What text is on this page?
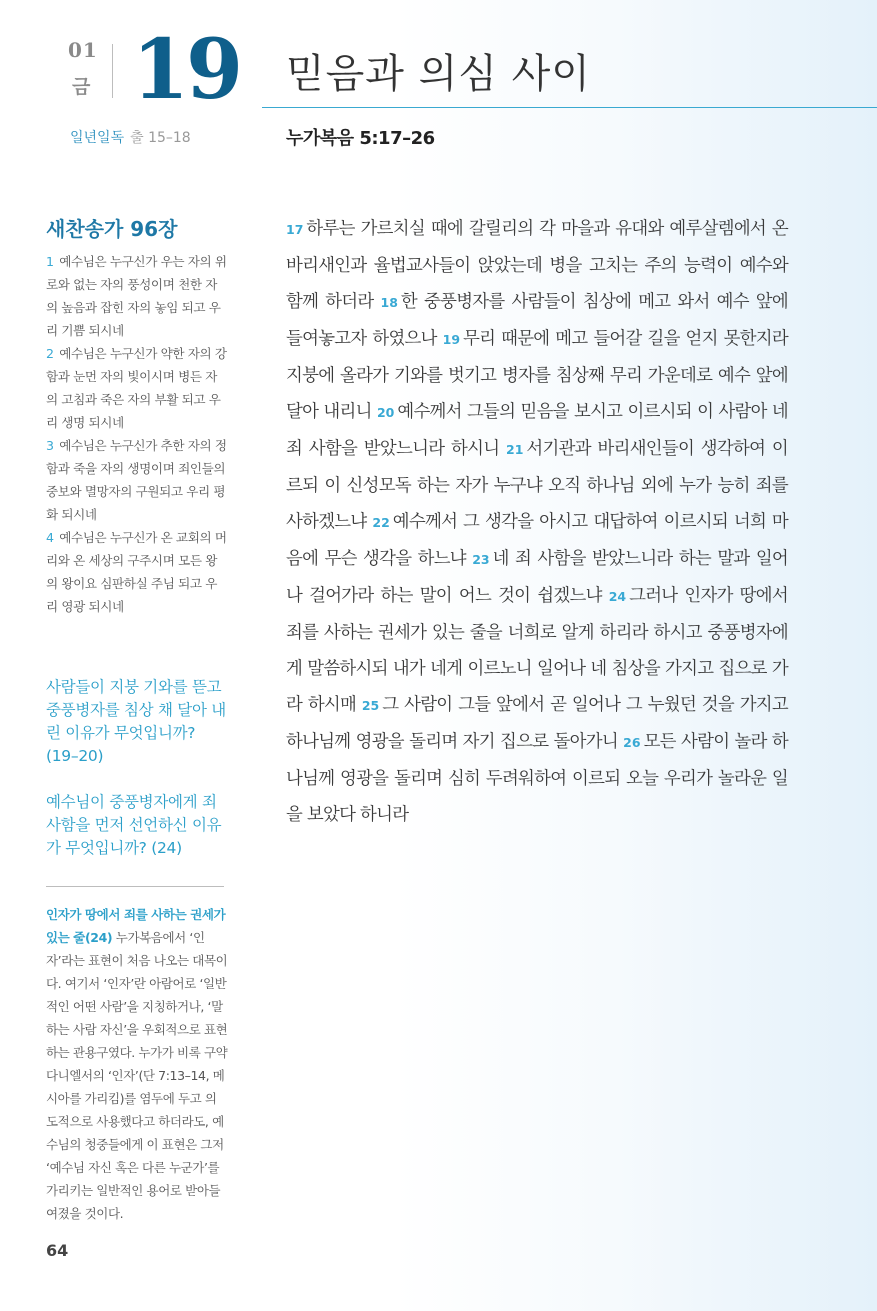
01
금 19 믿음과 의심 사이
일년일독 출 15–18	누가복음 5:17–26
새찬송가 96장
1 예수님은 누구신가 우는 자의 위로와 없는 자의 풍성이며 천한 자의 높음과 잡힌 자의 놓임 되고 우리 기쁨 되시네
2 예수님은 누구신가 약한 자의 강함과 눈먼 자의 빛이시며 병든 자의 고침과 죽은 자의 부활 되고 우리 생명 되시네
3 예수님은 누구신가 추한 자의 정함과 죽을 자의 생명이며 죄인들의 중보와 멸망자의 구원되고 우리 평화 되시네
4 예수님은 누구신가 온 교회의 머리와 온 세상의 구주시며 모든 왕의 왕이요 심판하실 주님 되고 우리 영광 되시네
사람들이 지붕 기와를 뜯고 중풍병자를 침상 채 달아 내린 이유가 무엇입니까? (19–20)
예수님이 중풍병자에게 죄 사함을 먼저 선언하신 이유가 무엇입니까? (24)
인자가 땅에서 죄를 사하는 권세가 있는 줄(24) 누가복음에서 ‘인자’라는 표현이 처음 나오는 대목이다. 여기서 ‘인자’란 아람어로 ‘일반적인 어떤 사람’을 지칭하거나, ‘말하는 사람 자신’을 우회적으로 표현하는 관용구였다. 누가가 비록 구약 다니엘서의 ‘인자’(단 7:13–14, 메시아를 가리킴)를 염두에 두고 의도적으로 사용했다고 하더라도, 예수님의 청중들에게 이 표현은 그저 ‘예수님 자신 혹은 다른 누군가’를 가리키는 일반적인 용어로 받아들여졌을 것이다.
64
17 하루는 가르치실 때에 갈릴리의 각 마을과 유대와 예루살렘에서 온 바리새인과 율법교사들이 앉았는데 병을 고치는 주의 능력이 예수와 함께 하더라 18 한 중풍병자를 사람들이 침상에 메고 와서 예수 앞에 들여놓고자 하였으나 19 무리 때문에 메고 들어갈 길을 얻지 못한지라 지붕에 올라가 기와를 벗기고 병자를 침상째 무리 가운데로 예수 앞에 달아 내리니 20 예수께서 그들의 믿음을 보시고 이르시되 이 사람아 네 죄 사함을 받았느니라 하시니 21 서기관과 바리새인들이 생각하여 이르되 이 신성모독 하는 자가 누구냐 오직 하나님 외에 누가 능히 죄를 사하겠느냐 22 예수께서 그 생각을 아시고 대답하여 이르시되 너희 마음에 무슨 생각을 하느냐 23 네 죄 사함을 받았느니라 하는 말과 일어나 걸어가라 하는 말이 어느 것이 쉽겠느냐 24 그러나 인자가 땅에서 죄를 사하는 권세가 있는 줄을 너희로 알게 하리라 하시고 중풍병자에게 말씀하시되 내가 네게 이르노니 일어나 네 침상을 가지고 집으로 가라 하시매 25 그 사람이 그들 앞에서 곧 일어나 그 누웠던 것을 가지고 하나님께 영광을 돌리며 자기 집으로 돌아가니 26 모든 사람이 놀라 하나님께 영광을 돌리며 심히 두려워하여 이르되 오늘 우리가 놀라운 일을 보았다 하니라
